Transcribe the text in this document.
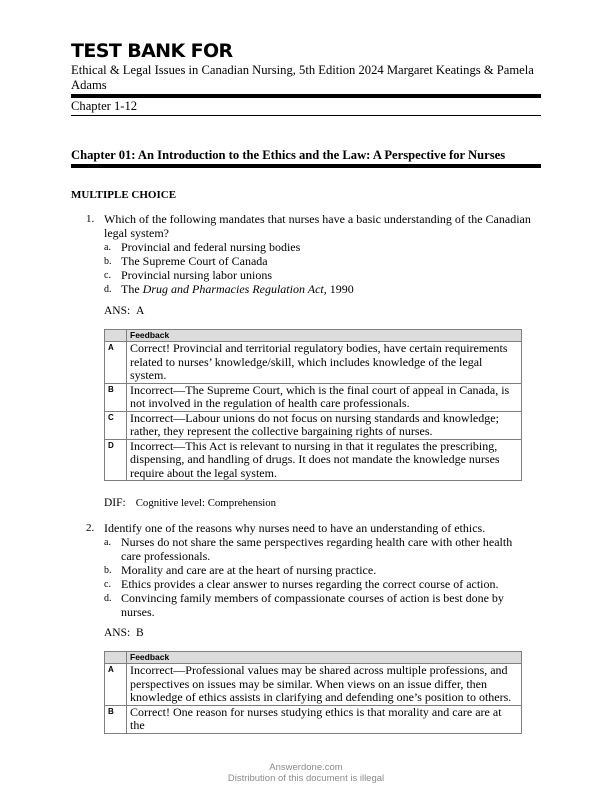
TEST BANK FOR
Ethical & Legal Issues in Canadian Nursing, 5th Edition 2024 Margaret Keatings & Pamela Adams
Chapter 1-12
Chapter 01: An Introduction to the Ethics and the Law: A Perspective for Nurses
MULTIPLE CHOICE
1. Which of the following mandates that nurses have a basic understanding of the Canadian legal system?
a. Provincial and federal nursing bodies
b. The Supreme Court of Canada
c. Provincial nursing labor unions
d. The Drug and Pharmacies Regulation Act, 1990
ANS: A
	Feedback
A	Correct! Provincial and territorial regulatory bodies, have certain requirements related to nurses’ knowledge/skill, which includes knowledge of the legal system.
B	Incorrect—The Supreme Court, which is the final court of appeal in Canada, is not involved in the regulation of health care professionals.
C	Incorrect—Labour unions do not focus on nursing standards and knowledge; rather, they represent the collective bargaining rights of nurses.
D	Incorrect—This Act is relevant to nursing in that it regulates the prescribing, dispensing, and handling of drugs. It does not mandate the knowledge nurses require about the legal system.
DIF: Cognitive level: Comprehension
2. Identify one of the reasons why nurses need to have an understanding of ethics.
a. Nurses do not share the same perspectives regarding health care with other health care professionals.
b. Morality and care are at the heart of nursing practice.
c. Ethics provides a clear answer to nurses regarding the correct course of action.
d. Convincing family members of compassionate courses of action is best done by nurses.
ANS: B
	Feedback
A	Incorrect—Professional values may be shared across multiple professions, and perspectives on issues may be similar. When views on an issue differ, then knowledge of ethics assists in clarifying and defending one’s position to others.
B	Correct! One reason for nurses studying ethics is that morality and care are at the
Answerdone.com
Distribution of this document is illegal
